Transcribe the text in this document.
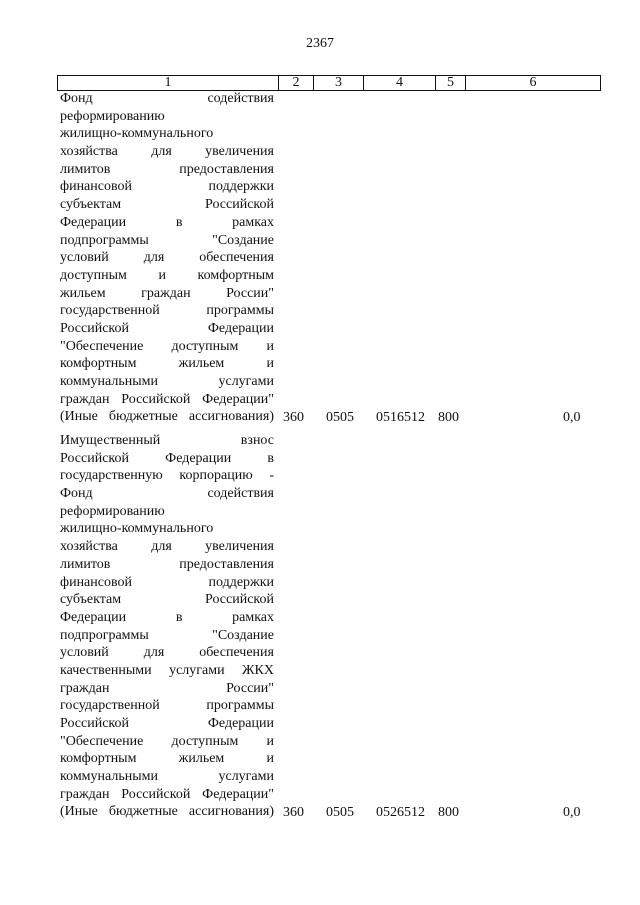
2367
1	2	3	4	5	6
Фонд содействия
реформированию
жилищно-коммунального
хозяйства для увеличения
лимитов предоставления
финансовой поддержки
субъектам Российской
Федерации в рамках
подпрограммы "Создание
условий для обеспечения
доступным и комфортным
жильем граждан России"
государственной программы
Российской Федерации
"Обеспечение доступным и
комфортным жильем и
коммунальными услугами
граждан Российской Федерации"
(Иные бюджетные ассигнования) 360 0505 0516512 800	0,0
Имущественный взнос
Российской Федерации в
государственную корпорацию -
Фонд содействия
реформированию
жилищно-коммунального
хозяйства для увеличения
лимитов предоставления
финансовой поддержки
субъектам Российской
Федерации в рамках
подпрограммы "Создание
условий для обеспечения
качественными услугами ЖКХ
граждан России"
государственной программы
Российской Федерации
"Обеспечение доступным и
комфортным жильем и
коммунальными услугами
граждан Российской Федерации"
(Иные бюджетные ассигнования) 360 0505 0526512 800	0,0
